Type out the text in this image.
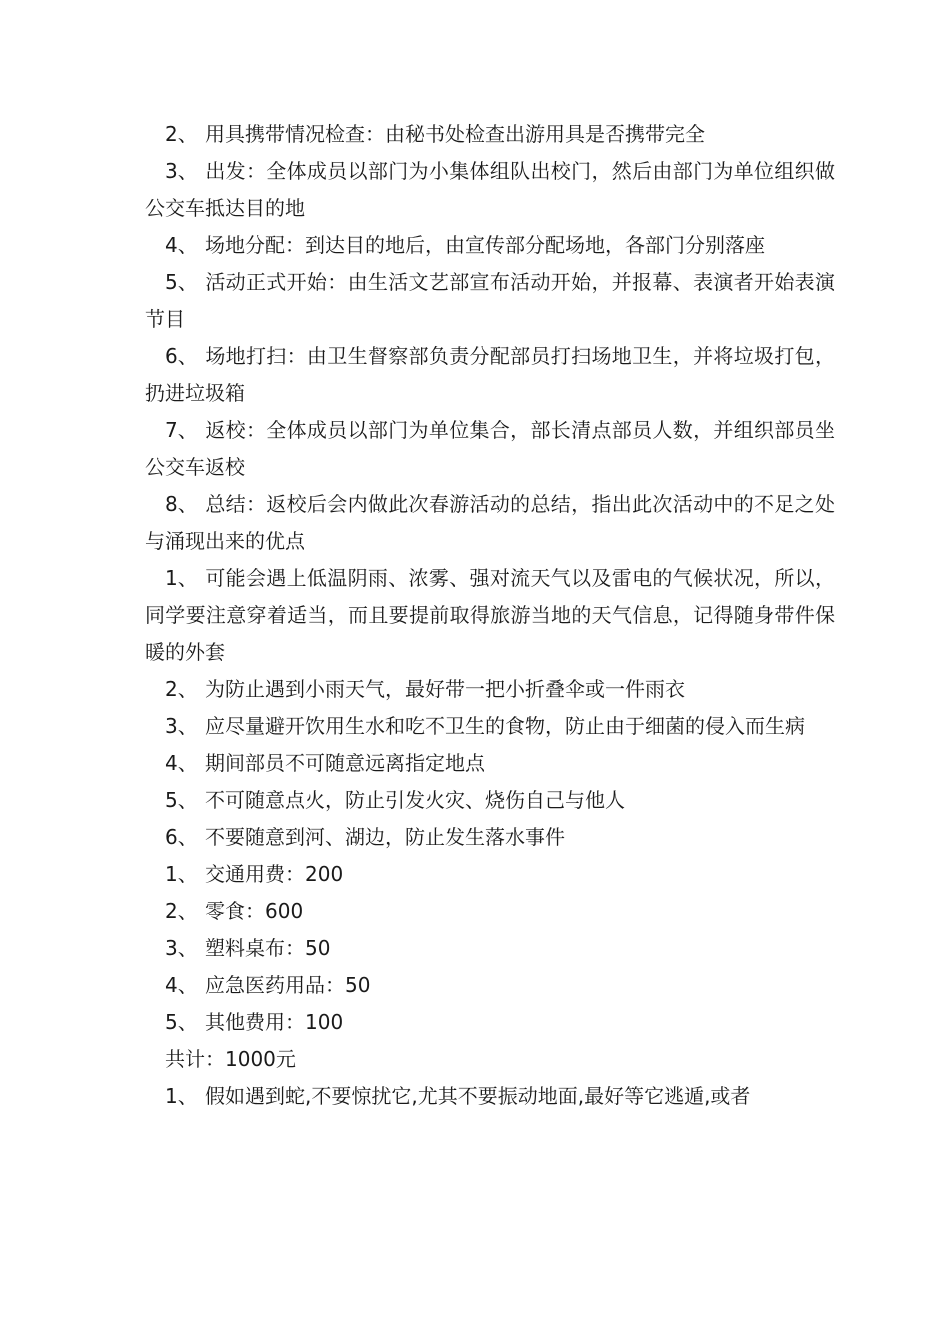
2、 用具携带情况检查：由秘书处检查出游用具是否携带完全

3、 出发：全体成员以部门为小集体组队出校门，然后由部门为单位组织做公交车抵达目的地

4、 场地分配：到达目的地后，由宣传部分配场地，各部门分别落座

5、 活动正式开始：由生活文艺部宣布活动开始，并报幕、表演者开始表演节目

6、 场地打扫：由卫生督察部负责分配部员打扫场地卫生，并将垃圾打包，扔进垃圾箱

7、 返校：全体成员以部门为单位集合，部长清点部员人数，并组织部员坐公交车返校

8、 总结：返校后会内做此次春游活动的总结，指出此次活动中的不足之处与涌现出来的优点

1、 可能会遇上低温阴雨、浓雾、强对流天气以及雷电的气候状况，所以，同学要注意穿着适当，而且要提前取得旅游当地的天气信息，记得随身带件保暖的外套

2、 为防止遇到小雨天气，最好带一把小折叠伞或一件雨衣

3、 应尽量避开饮用生水和吃不卫生的食物，防止由于细菌的侵入而生病

4、 期间部员不可随意远离指定地点

5、 不可随意点火，防止引发火灾、烧伤自己与他人

6、 不要随意到河、湖边，防止发生落水事件

1、 交通用费：200

2、 零食：600

3、 塑料桌布：50

4、 应急医药用品：50

5、 其他费用：100

共计：1000元

1、 假如遇到蛇,不要惊扰它,尤其不要振动地面,最好等它逃遁,或者
